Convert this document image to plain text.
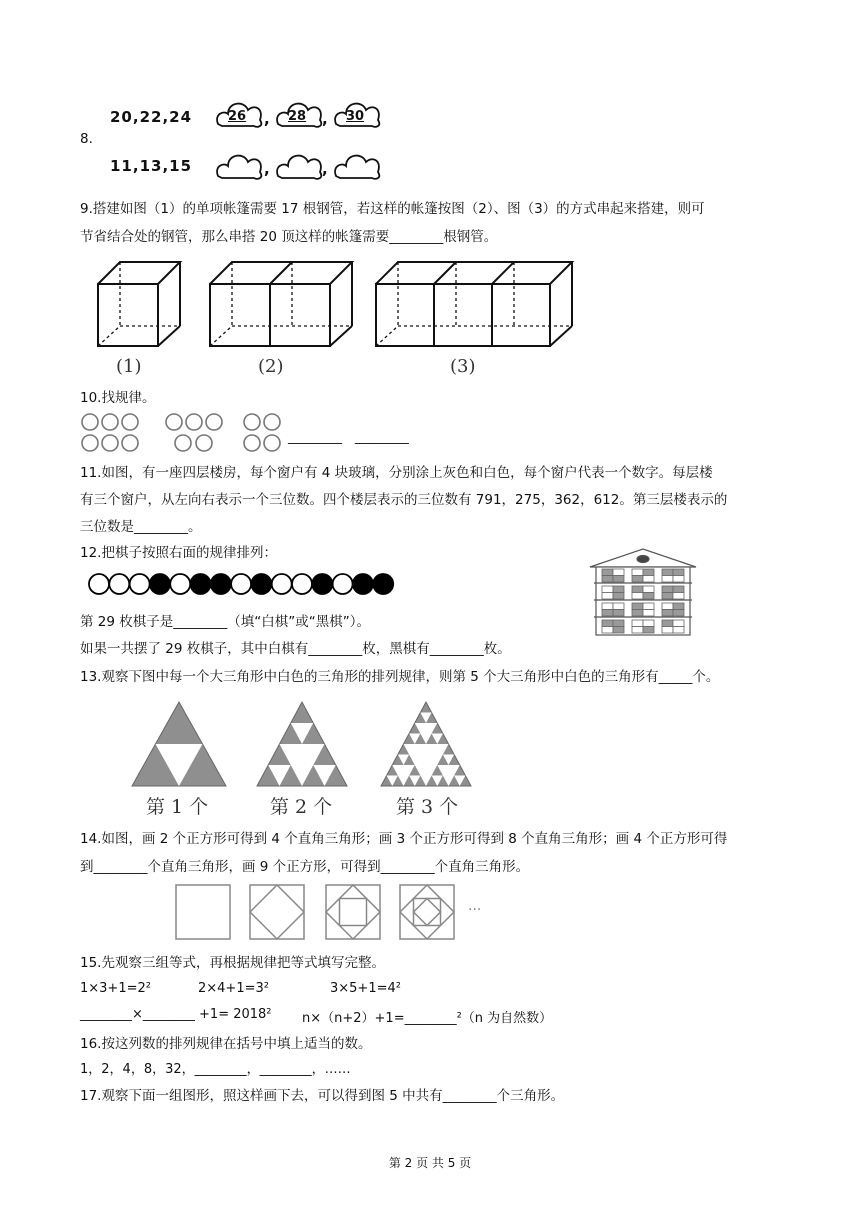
20,22,24	26 , 28 , 30
8.
11,13,15	,	,
9.搭建如图（1）的单项帐篷需要 17 根钢管，若这样的帐篷按图（2）、图（3）的方式串起来搭建，则可
节省结合处的钢管，那么串搭 20 顶这样的帐篷需要________根钢管。
(1)	(2)	(3)
10.找规律。
________   ________
11.如图，有一座四层楼房，每个窗户有 4 块玻璃，分别涂上灰色和白色，每个窗户代表一个数字。每层楼
有三个窗户，从左向右表示一个三位数。四个楼层表示的三位数有 791，275，362，612。第三层楼表示的
三位数是________。
12.把棋子按照右面的规律排列：
第 29 枚棋子是________（填“白棋”或“黑棋”）。
如果一共摆了 29 枚棋子，其中白棋有________枚，黑棋有________枚。
13.观察下图中每一个大三角形中白色的三角形的排列规律，则第 5 个大三角形中白色的三角形有_____个。
第 1 个	第 2 个	第 3 个
14.如图，画 2 个正方形可得到 4 个直角三角形；画 3 个正方形可得到 8 个直角三角形；画 4 个正方形可得
到________个直角三角形，画 9 个正方形，可得到________个直角三角形。
···
15.先观察三组等式，再根据规律把等式填写完整。
1×3+1=2²	2×4+1=3²	3×5+1=4²
________×________ +1= 2018² n×（n+2）+1=________²（n 为自然数）
16.按这列数的排列规律在括号中填上适当的数。
1，2，4，8，32，________，________，……
17.观察下面一组图形，照这样画下去，可以得到图 5 中共有________个三角形。
第 2 页 共 5 页
